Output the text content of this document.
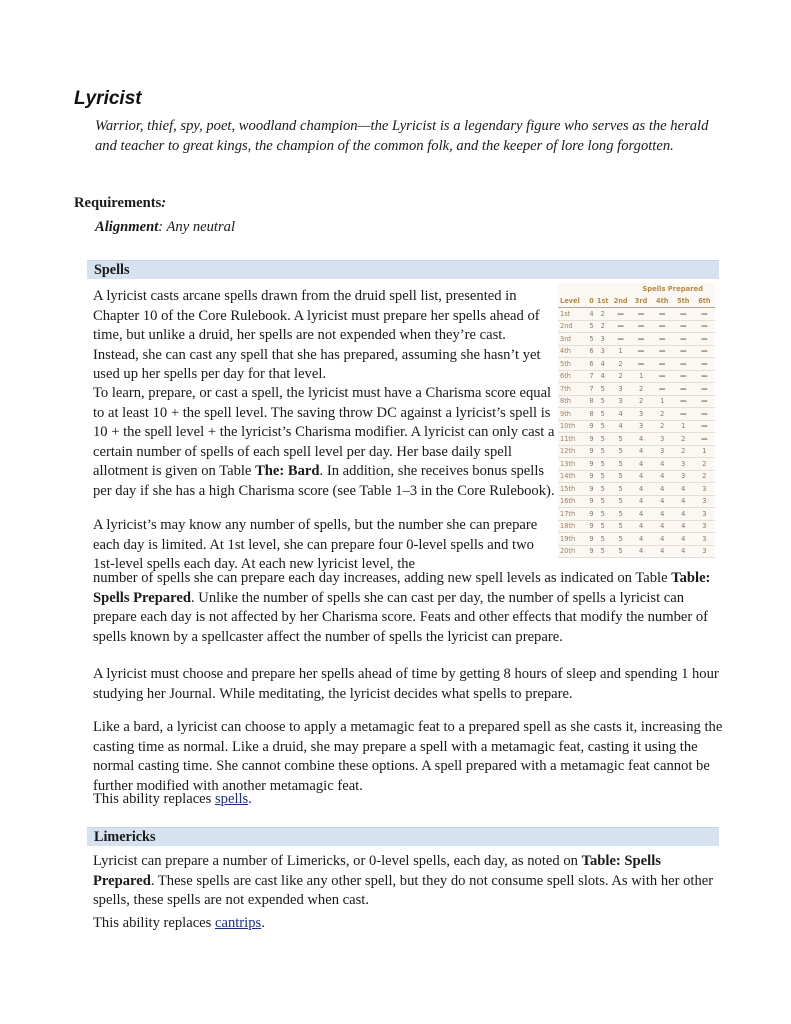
Lyricist
Warrior, thief, spy, poet, woodland champion—the Lyricist is a legendary figure who serves as the herald and teacher to great kings, the champion of the common folk, and the keeper of lore long forgotten.
Requirements:
Alignment: Any neutral
Spells
A lyricist casts arcane spells drawn from the druid spell list, presented in Chapter 10 of the Core Rulebook. A lyricist must prepare her spells ahead of time, but unlike a druid, her spells are not expended when they’re cast. Instead, she can cast any spell that she has prepared, assuming she hasn’t yet used up her spells per day for that level.
To learn, prepare, or cast a spell, the lyricist must have a Charisma score equal to at least 10 + the spell level. The saving throw DC against a lyricist’s spell is 10 + the spell level + the lyricist’s Charisma modifier. A lyricist can only cast a certain number of spells of each spell level per day. Her base daily spell allotment is given on Table The: Bard. In addition, she receives bonus spells per day if she has a high Charisma score (see Table 1–3 in the Core Rulebook).
A lyricist’s may know any number of spells, but the number she can prepare each day is limited. At 1st level, she can prepare four 0-level spells and two 1st-level spells each day. At each new lyricist level, the
number of spells she can prepare each day increases, adding new spell levels as indicated on Table Table: Spells Prepared. Unlike the number of spells she can cast per day, the number of spells a lyricist can prepare each day is not affected by her Charisma score. Feats and other effects that modify the number of spells known by a spellcaster affect the number of spells the lyricist can prepare.
A lyricist must choose and prepare her spells ahead of time by getting 8 hours of sleep and spending 1 hour studying her Journal. While meditating, the lyricist decides what spells to prepare.
Like a bard, a lyricist can choose to apply a metamagic feat to a prepared spell as she casts it, increasing the casting time as normal. Like a druid, she may prepare a spell with a metamagic feat, casting it using the normal casting time. She cannot combine these options. A spell prepared with a metamagic feat cannot be further modified with another metamagic feat.
This ability replaces spells.
				Spells Prepared			
Level	0	1st	2nd	3rd	4th	5th	6th
1st	4	2	—	—	—	—	—
2nd	5	2	—	—	—	—	—
3rd	5	3	—	—	—	—	—
4th	6	3	1	—	—	—	—
5th	6	4	2	—	—	—	—
6th	7	4	2	1	—	—	—
7th	7	5	3	2	—	—	—
8th	8	5	3	2	1	—	—
9th	8	5	4	3	2	—	—
10th	9	5	4	3	2	1	—
11th	9	5	5	4	3	2	—
12th	9	5	5	4	3	2	1
13th	9	5	5	4	4	3	2
14th	9	5	5	4	4	3	2
15th	9	5	5	4	4	4	3
16th	9	5	5	4	4	4	3
17th	9	5	5	4	4	4	3
18th	9	5	5	4	4	4	3
19th	9	5	5	4	4	4	3
20th	9	5	5	4	4	4	3
Limericks
Lyricist can prepare a number of Limericks, or 0-level spells, each day, as noted on Table: Spells Prepared. These spells are cast like any other spell, but they do not consume spell slots. As with her other spells, these spells are not expended when cast.
This ability replaces cantrips.
